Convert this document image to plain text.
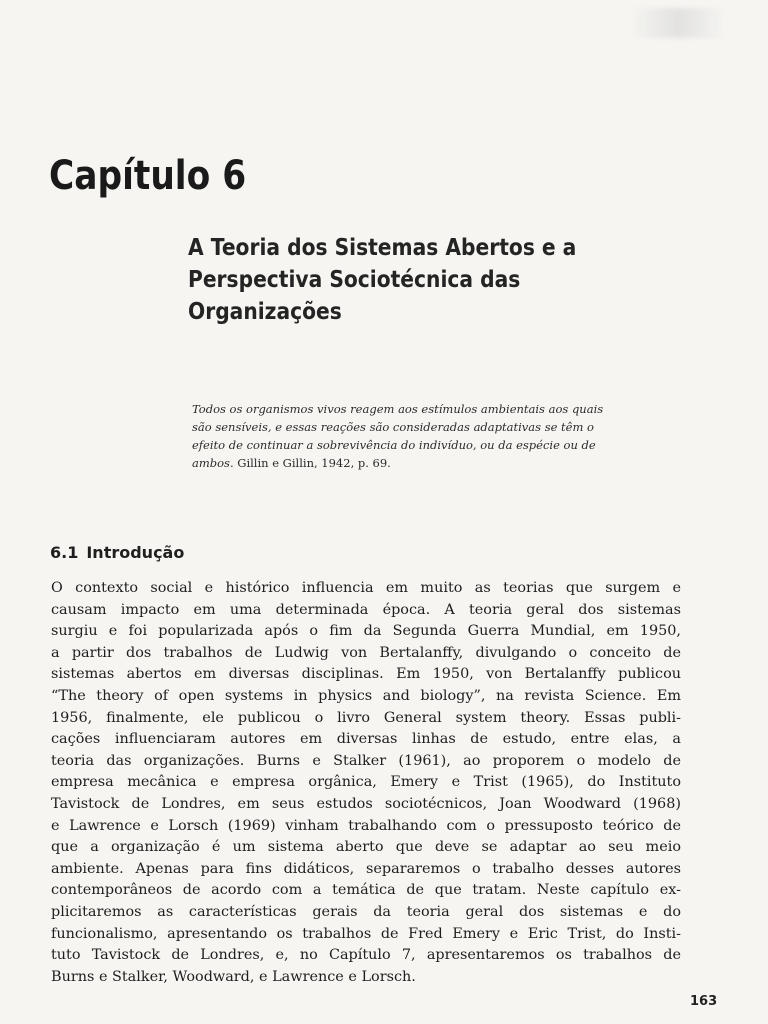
Capítulo 6
A Teoria dos Sistemas Abertos e a
Perspectiva Sociotécnica das
Organizações
Todos os organismos vivos reagem aos estímulos ambientais aos quais
são sensíveis, e essas reações são consideradas adaptativas se têm o
efeito de continuar a sobrevivência do indivíduo, ou da espécie ou de
ambos. Gillin e Gillin, 1942, p. 69.
6.1 Introdução
O contexto social e histórico influencia em muito as teorias que surgem e
causam impacto em uma determinada época. A teoria geral dos sistemas
surgiu e foi popularizada após o fim da Segunda Guerra Mundial, em 1950,
a partir dos trabalhos de Ludwig von Bertalanffy, divulgando o conceito de
sistemas abertos em diversas disciplinas. Em 1950, von Bertalanffy publicou
“The theory of open systems in physics and biology”, na revista Science. Em
1956, finalmente, ele publicou o livro General system theory. Essas publi-
cações influenciaram autores em diversas linhas de estudo, entre elas, a
teoria das organizações. Burns e Stalker (1961), ao proporem o modelo de
empresa mecânica e empresa orgânica, Emery e Trist (1965), do Instituto
Tavistock de Londres, em seus estudos sociotécnicos, Joan Woodward (1968)
e Lawrence e Lorsch (1969) vinham trabalhando com o pressuposto teórico de
que a organização é um sistema aberto que deve se adaptar ao seu meio
ambiente. Apenas para fins didáticos, separaremos o trabalho desses autores
contemporâneos de acordo com a temática de que tratam. Neste capítulo ex-
plicitaremos as características gerais da teoria geral dos sistemas e do
funcionalismo, apresentando os trabalhos de Fred Emery e Eric Trist, do Insti-
tuto Tavistock de Londres, e, no Capítulo 7, apresentaremos os trabalhos de
Burns e Stalker, Woodward, e Lawrence e Lorsch.
163
